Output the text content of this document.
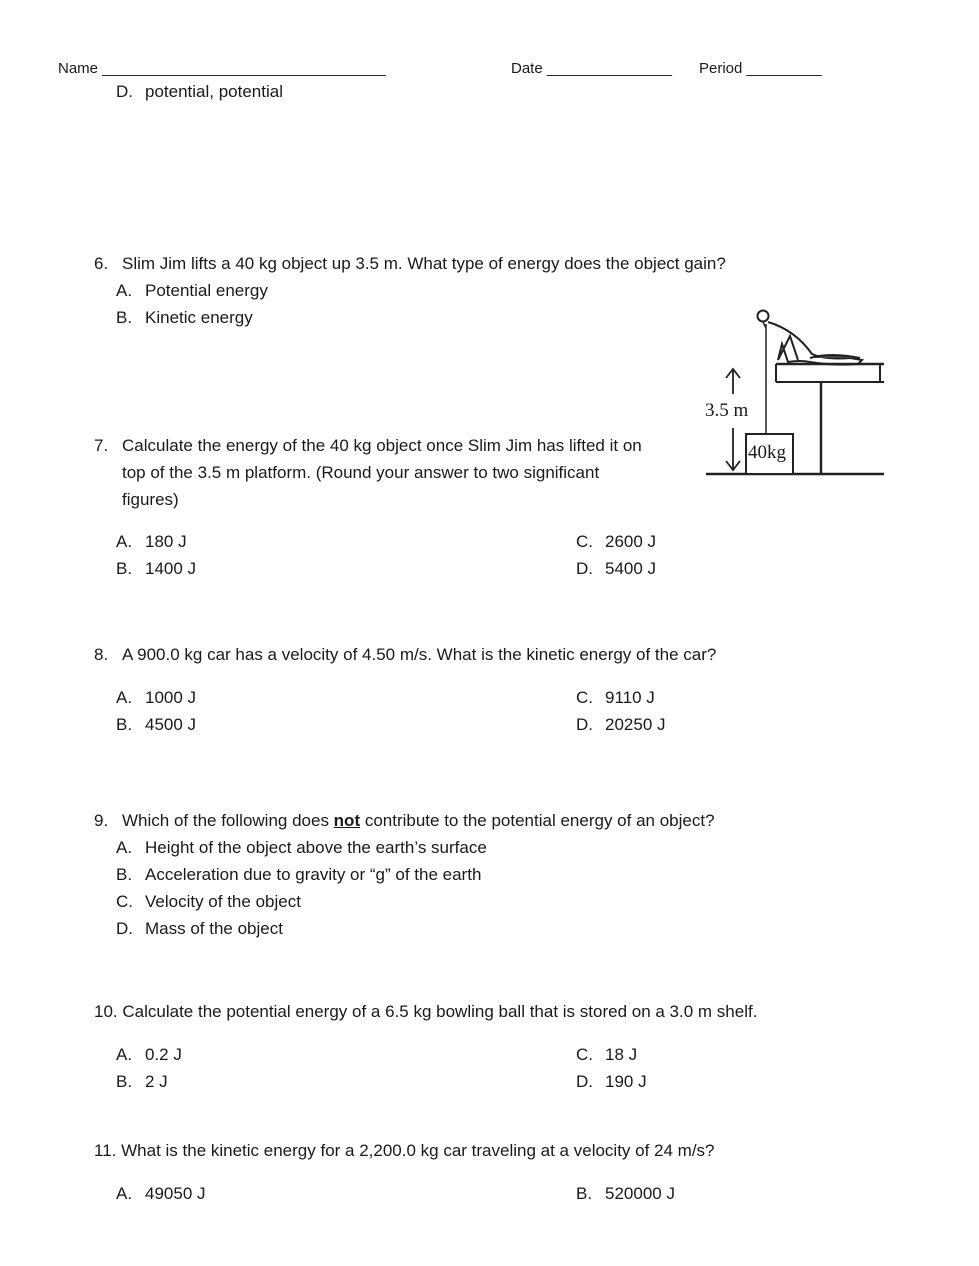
Name __________________________________	Date _______________ Period _________
D. potential, potential
6. Slim Jim lifts a 40 kg object up 3.5 m. What type of energy does the object gain?
A. Potential energy
B. Kinetic energy
3.5 m
40kg
7. Calculate the energy of the 40 kg object once Slim Jim has lifted it on
top of the 3.5 m platform. (Round your answer to two significant
figures)
A. 180 J
B. 1400 J
C. 2600 J
D. 5400 J
8. A 900.0 kg car has a velocity of 4.50 m/s. What is the kinetic energy of the car?
A. 1000 J
B. 4500 J
C. 9110 J
D. 20250 J
9. Which of the following does not contribute to the potential energy of an object?
A. Height of the object above the earth’s surface
B. Acceleration due to gravity or “g” of the earth
C. Velocity of the object
D. Mass of the object
10. Calculate the potential energy of a 6.5 kg bowling ball that is stored on a 3.0 m shelf.
A. 0.2 J
B. 2 J
C. 18 J
D. 190 J
11. What is the kinetic energy for a 2,200.0 kg car traveling at a velocity of 24 m/s?
A. 49050 J	B. 520000 J
